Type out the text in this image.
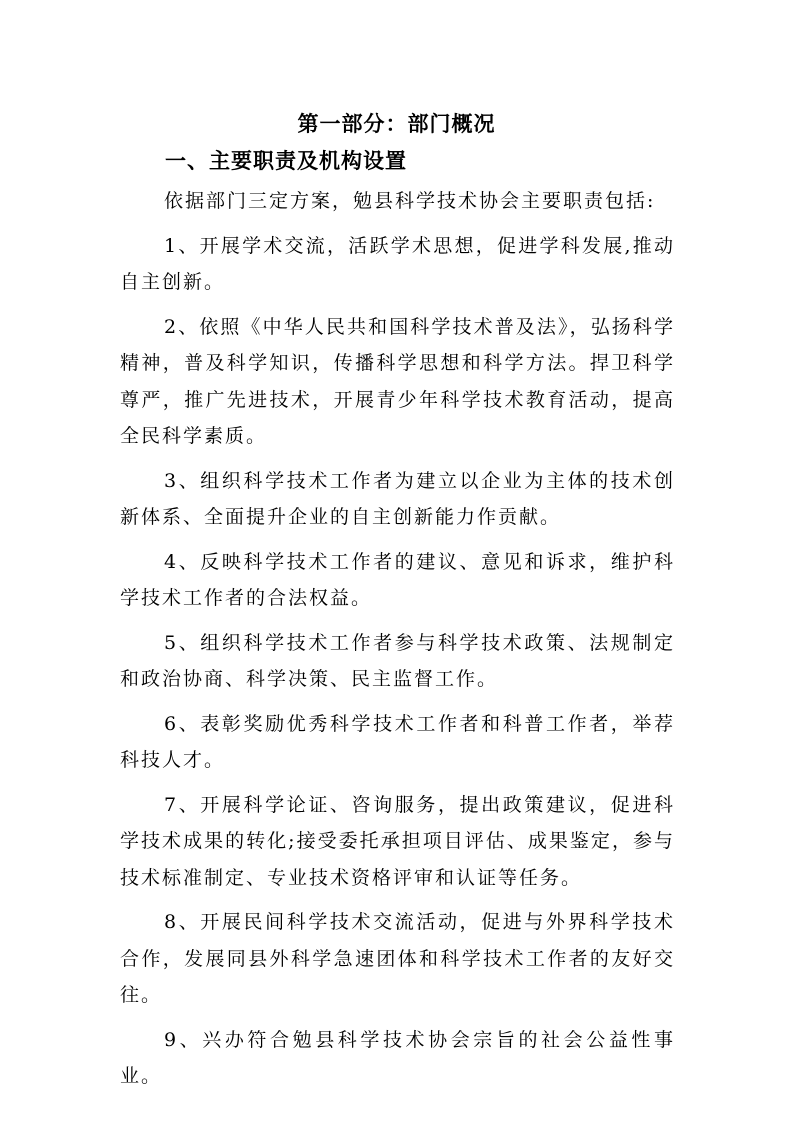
第一部分：部门概况
一、主要职责及机构设置

依据部门三定方案，勉县科学技术协会主要职责包括:

1、开展学术交流，活跃学术思想，促进学科发展,推动自主创新。

2、依照《中华人民共和国科学技术普及法》，弘扬科学精神，普及科学知识，传播科学思想和科学方法。捍卫科学尊严，推广先进技术，开展青少年科学技术教育活动，提高全民科学素质。

3、组织科学技术工作者为建立以企业为主体的技术创新体系、全面提升企业的自主创新能力作贡献。

4、反映科学技术工作者的建议、意见和诉求，维护科学技术工作者的合法权益。

5、组织科学技术工作者参与科学技术政策、法规制定和政治协商、科学决策、民主监督工作。

6、表彰奖励优秀科学技术工作者和科普工作者，举荐科技人才。

7、开展科学论证、咨询服务，提出政策建议，促进科学技术成果的转化;接受委托承担项目评估、成果鉴定，参与技术标准制定、专业技术资格评审和认证等任务。

8、开展民间科学技术交流活动，促进与外界科学技术合作，发展同县外科学急速团体和科学技术工作者的友好交往。

9、兴办符合勉县科学技术协会宗旨的社会公益性事业。
